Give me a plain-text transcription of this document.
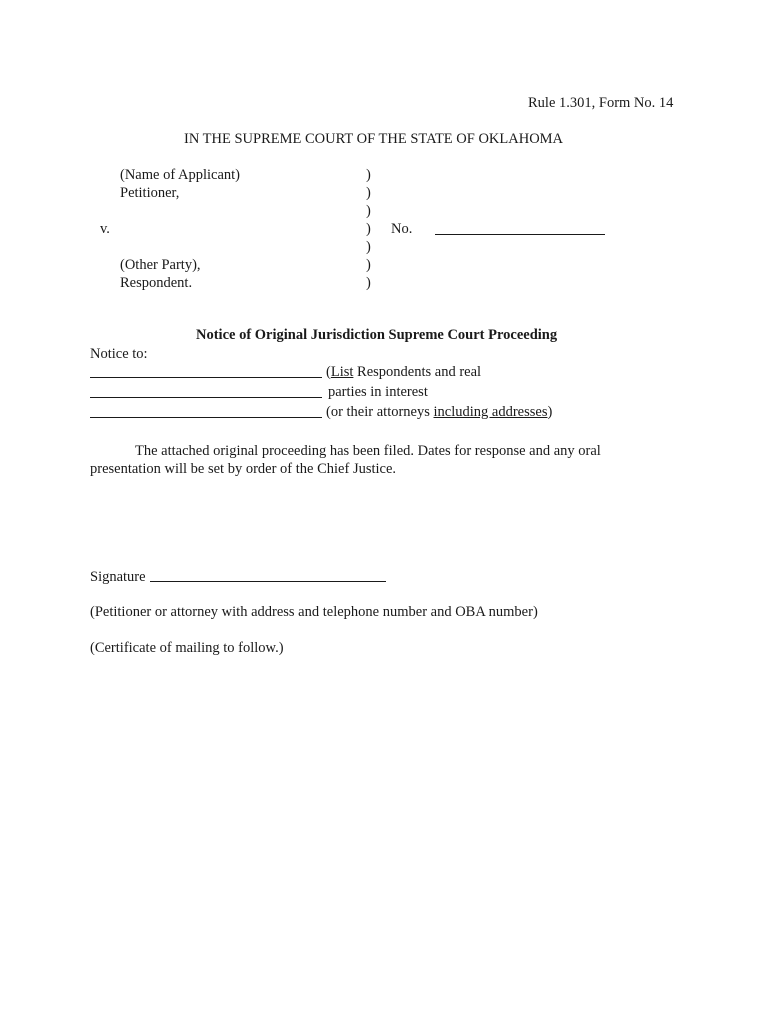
Rule 1.301, Form No. 14
IN THE SUPREME COURT OF THE STATE OF OKLAHOMA
(Name of Applicant)
Petitioner,
v.
(Other Party),
Respondent.
)
)
)
)
)
)
)
No.
Notice of Original Jurisdiction Supreme Court Proceeding
Notice to:
(List Respondents and real
parties in interest
(or their attorneys including addresses)
The attached original proceeding has been filed. Dates for response and any oral presentation will be set by order of the Chief Justice.
Signature
(Petitioner or attorney with address and telephone number and OBA number)
(Certificate of mailing to follow.)
